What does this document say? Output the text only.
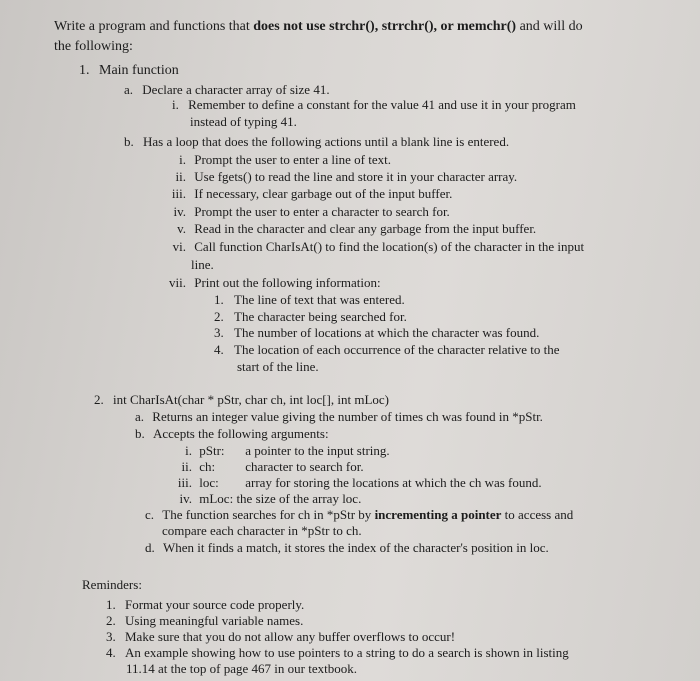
Write a program and functions that does not use strchr(), strrchr(), or memchr() and will do
the following:
1. Main function
a. Declare a character array of size 41.
i. Remember to define a constant for the value 41 and use it in your program
instead of typing 41.
b. Has a loop that does the following actions until a blank line is entered.
i. Prompt the user to enter a line of text.
ii. Use fgets() to read the line and store it in your character array.
iii. If necessary, clear garbage out of the input buffer.
iv. Prompt the user to enter a character to search for.
v. Read in the character and clear any garbage from the input buffer.
vi. Call function CharIsAt() to find the location(s) of the character in the input
line.
vii. Print out the following information:
1. The line of text that was entered.
2. The character being searched for.
3. The number of locations at which the character was found.
4. The location of each occurrence of the character relative to the
start of the line.
2. int CharIsAt(char * pStr, char ch, int loc[], int mLoc)
a. Returns an integer value giving the number of times ch was found in *pStr.
b. Accepts the following arguments:
i. pStr: a pointer to the input string.
ii. ch: character to search for.
iii. loc: array for storing the locations at which the ch was found.
iv. mLoc: the size of the array loc.
c. The function searches for ch in *pStr by incrementing a pointer to access and
compare each character in *pStr to ch.
d. When it finds a match, it stores the index of the character's position in loc.
Reminders:
1. Format your source code properly.
2. Using meaningful variable names.
3. Make sure that you do not allow any buffer overflows to occur!
4. An example showing how to use pointers to a string to do a search is shown in listing
11.14 at the top of page 467 in our textbook.
